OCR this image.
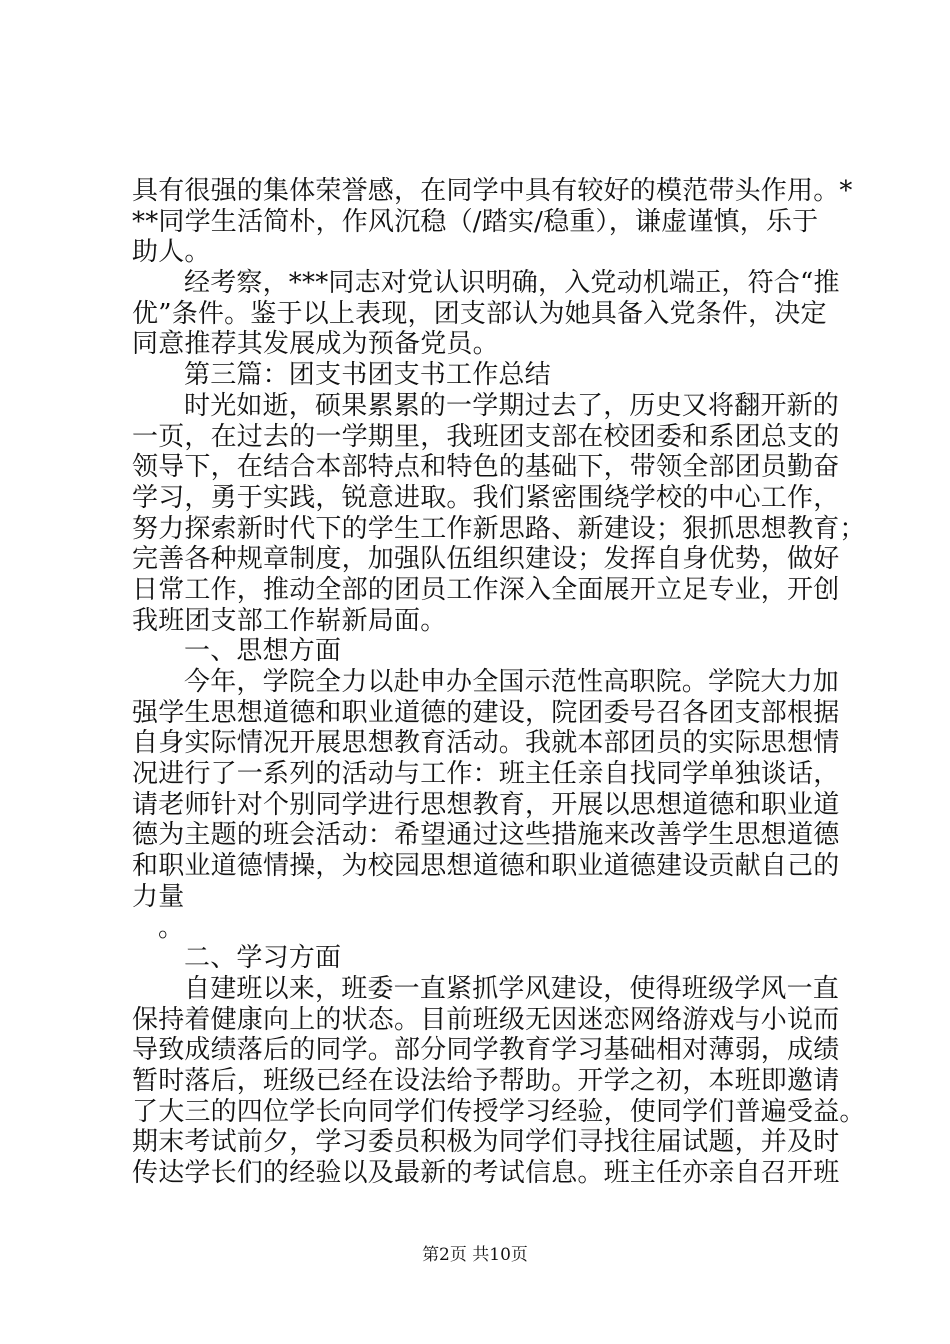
具有很强的集体荣誉感，在同学中具有较好的模范带头作用。*
**同学生活简朴，作风沉稳（/踏实/稳重），谦虚谨慎，乐于
助人。
经考察，***同志对党认识明确，入党动机端正，符合“推
优”条件。鉴于以上表现，团支部认为她具备入党条件，决定
同意推荐其发展成为预备党员。
第三篇：团支书团支书工作总结
时光如逝，硕果累累的一学期过去了，历史又将翻开新的
一页，在过去的一学期里，我班团支部在校团委和系团总支的
领导下，在结合本部特点和特色的基础下，带领全部团员勤奋
学习，勇于实践，锐意进取。我们紧密围绕学校的中心工作，
努力探索新时代下的学生工作新思路、新建设；狠抓思想教育；
完善各种规章制度，加强队伍组织建设；发挥自身优势，做好
日常工作，推动全部的团员工作深入全面展开立足专业，开创
我班团支部工作崭新局面。
一、思想方面
今年，学院全力以赴申办全国示范性高职院。学院大力加
强学生思想道德和职业道德的建设，院团委号召各团支部根据
自身实际情况开展思想教育活动。我就本部团员的实际思想情
况进行了一系列的活动与工作：班主任亲自找同学单独谈话，
请老师针对个别同学进行思想教育，开展以思想道德和职业道
德为主题的班会活动：希望通过这些措施来改善学生思想道德
和职业道德情操，为校园思想道德和职业道德建设贡献自己的
力量
。
二、学习方面
自建班以来，班委一直紧抓学风建设，使得班级学风一直
保持着健康向上的状态。目前班级无因迷恋网络游戏与小说而
导致成绩落后的同学。部分同学教育学习基础相对薄弱，成绩
暂时落后，班级已经在设法给予帮助。开学之初，本班即邀请
了大三的四位学长向同学们传授学习经验，使同学们普遍受益。
期末考试前夕，学习委员积极为同学们寻找往届试题，并及时
传达学长们的经验以及最新的考试信息。班主任亦亲自召开班
第2页 共10页
